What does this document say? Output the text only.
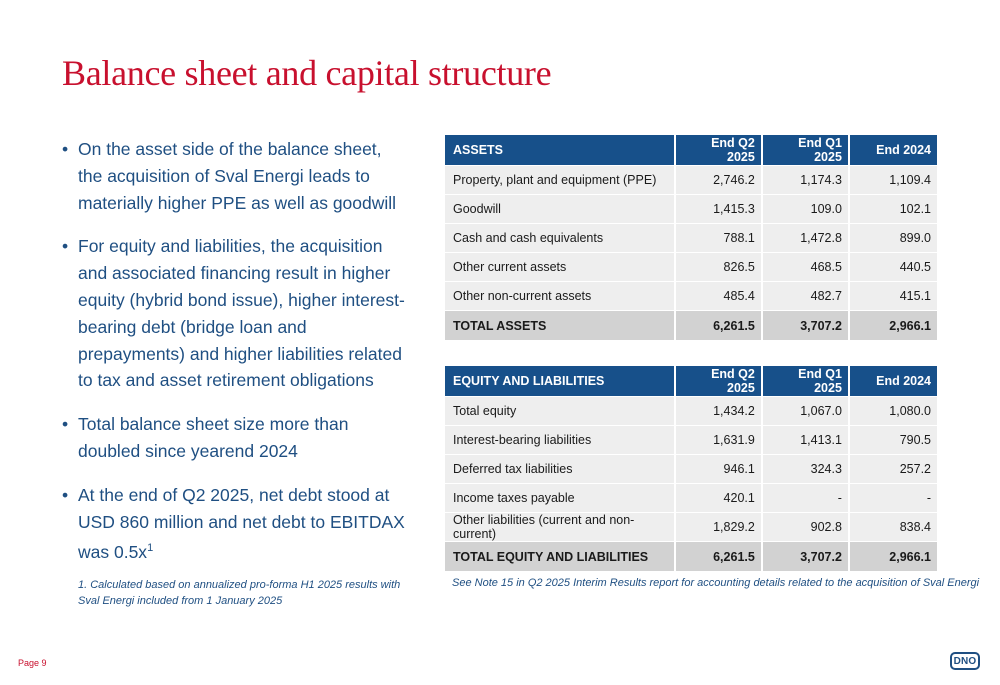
Balance sheet and capital structure
• On the asset side of the balance sheet, the acquisition of Sval Energi leads to materially higher PPE as well as goodwill
• For equity and liabilities, the acquisition and associated financing result in higher equity (hybrid bond issue), higher interest-bearing debt (bridge loan and prepayments) and higher liabilities related to tax and asset retirement obligations
• Total balance sheet size more than doubled since yearend 2024
• At the end of Q2 2025, net debt stood at USD 860 million and net debt to EBITDAX was $0.5x^1$
1. Calculated based on annualized pro-forma H1 2025 results with Sval Energi included from 1 January 2025
ASSETS	End Q2 2025	End Q1 2025	End 2024
Property, plant and equipment (PPE)	2,746.2	1,174.3	1,109.4
Goodwill	1,415.3	109.0	102.1
Cash and cash equivalents	788.1	1,472.8	899.0
Other current assets	826.5	468.5	440.5
Other non-current assets	485.4	482.7	415.1
TOTAL ASSETS	6,261.5	3,707.2	2,966.1
EQUITY AND LIABILITIES	End Q2 2025	End Q1 2025	End 2024
Total equity	1,434.2	1,067.0	1,080.0
Interest-bearing liabilities	1,631.9	1,413.1	790.5
Deferred tax liabilities	946.1	324.3	257.2
Income taxes payable	420.1	-	-
Other liabilities (current and non-current)	1,829.2	902.8	838.4
TOTAL EQUITY AND LIABILITIES	6,261.5	3,707.2	2,966.1
See Note 15 in Q2 2025 Interim Results report for accounting details related to the acquisition of Sval Energi
Page 9	DNO
